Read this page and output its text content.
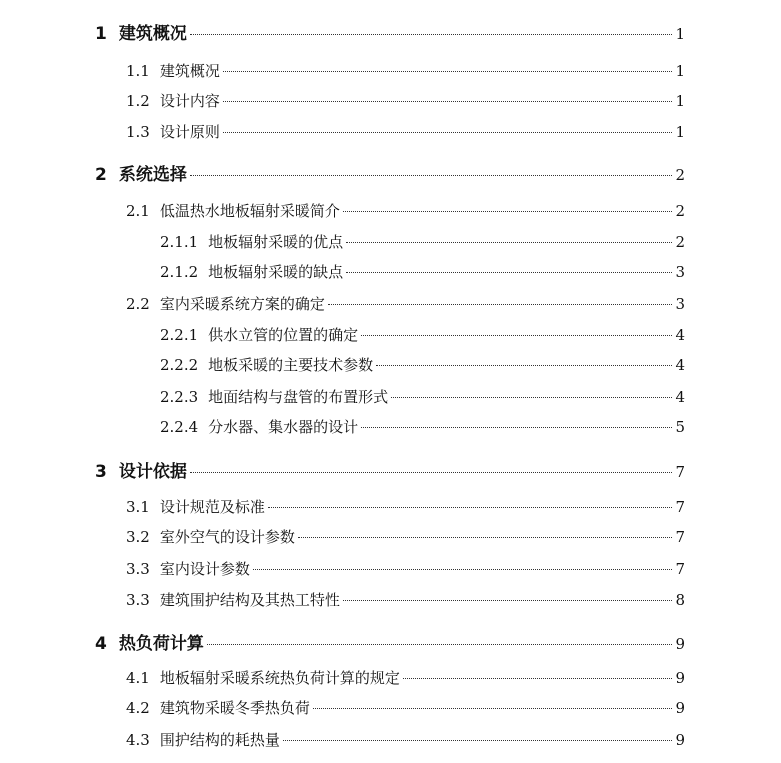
1 建筑概况	1
1.1 建筑概况	1
1.2 设计内容	1
1.3 设计原则	1
2 系统选择	2
2.1 低温热水地板辐射采暖简介	2
2.1.1 地板辐射采暖的优点	2
2.1.2 地板辐射采暖的缺点	3
2.2 室内采暖系统方案的确定	3
2.2.1 供水立管的位置的确定	4
2.2.2 地板采暖的主要技术参数	4
2.2.3 地面结构与盘管的布置形式	4
2.2.4 分水器、集水器的设计	5
3 设计依据	7
3.1 设计规范及标准	7
3.2 室外空气的设计参数	7
3.3 室内设计参数	7
3.3 建筑围护结构及其热工特性	8
4 热负荷计算	9
4.1 地板辐射采暖系统热负荷计算的规定	9
4.2 建筑物采暖冬季热负荷	9
4.3 围护结构的耗热量	9
